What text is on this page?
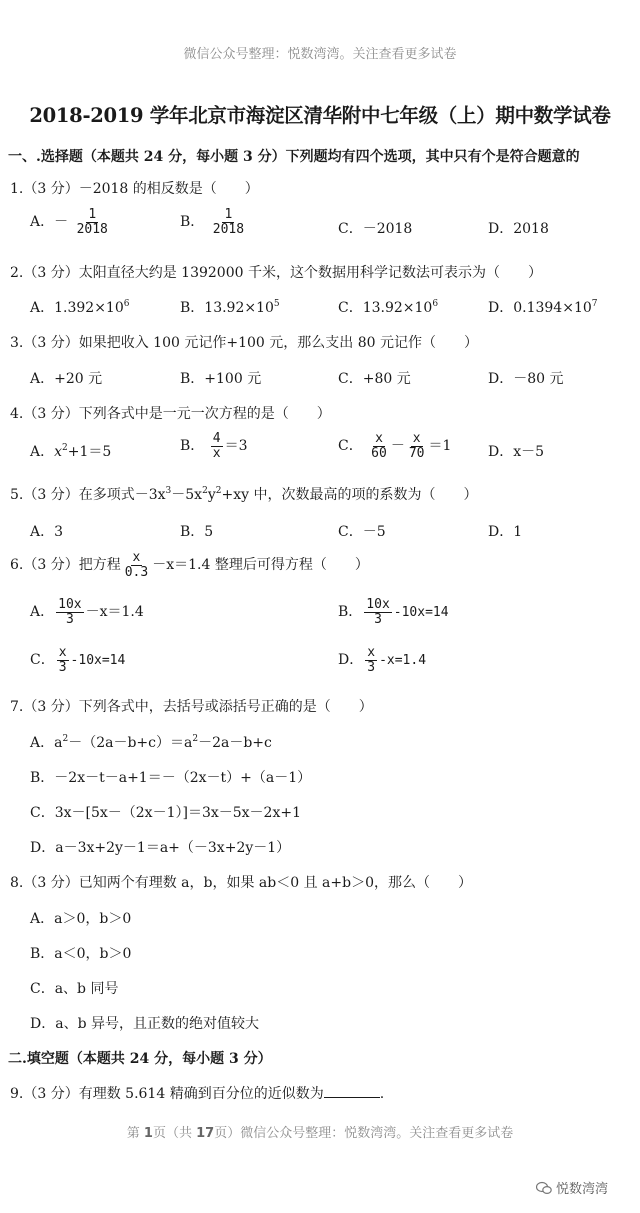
微信公众号整理：悦数湾湾。关注查看更多试卷
2018-2019 学年北京市海淀区清华附中七年级（上）期中数学试卷
一、.选择题（本题共 24 分，每小题 3 分）下列题均有四个选项，其中只有个是符合题意的
1.（3 分）－2018 的相反数是（　　）
A．－ $\frac{1}{2018}$	B． $\frac{1}{2018}$	C．－2018	D．2018
2.（3 分）太阳直径大约是 1392000 千米，这个数据用科学记数法可表示为（　　）
A．$1.392\times 10^6$	B．$13.92\times 10^5$	C．$13.92\times 10^6$	D．$0.1394\times 10^7$
3.（3 分）如果把收入 100 元记作+100 元，那么支出 80 元记作（　　）
A．+20 元	B．+100 元	C．+80 元	D．－80 元
4.（3 分）下列各式中是一元一次方程的是（　　）
A．$x^2+1=5$	B． $\frac{4}{x} =3$	C． $\frac{x}{60} - \frac{x}{70} =1$	D．x－5
5.（3 分）在多项式$-3x^3-5x^2y^2+xy$ 中，次数最高的项的系数为（　　）
A．3	B．5	C．－5	D．1
6.（3 分）把方程 $\frac{x}{0.3} -x=1.4$ 整理后可得方程（　　）
A． $\frac{10x}{3} -x=1.4$	B． $\frac{10x}{3} -10x=14$
C． $\frac{x}{3} -10x=14$	D． $\frac{x}{3} -x=1.4$
7.（3 分）下列各式中，去括号或添括号正确的是（　　）
A．$a^2-(2a-b+c)=a^2-2a-b+c$
B．－2x－t－a+1＝－（2x－t）+（a－1）
C．3x－[5x－（2x－1）]＝3x－5x－2x+1
D．a－3x+2y－1＝a+（－3x+2y－1）
8.（3 分）已知两个有理数 a，b，如果 ab＜0 且 a+b＞0，那么（　　）
A．a＞0，b＞0
B．a＜0，b＞0
C．a、b 同号
D．a、b 异号，且正数的绝对值较大
二.填空题（本题共 24 分，每小题 3 分）
9.（3 分）有理数 5.614 精确到百分位的近似数为	.
第 1页（共 17页）微信公众号整理：悦数湾湾。关注查看更多试卷
悦数湾湾
